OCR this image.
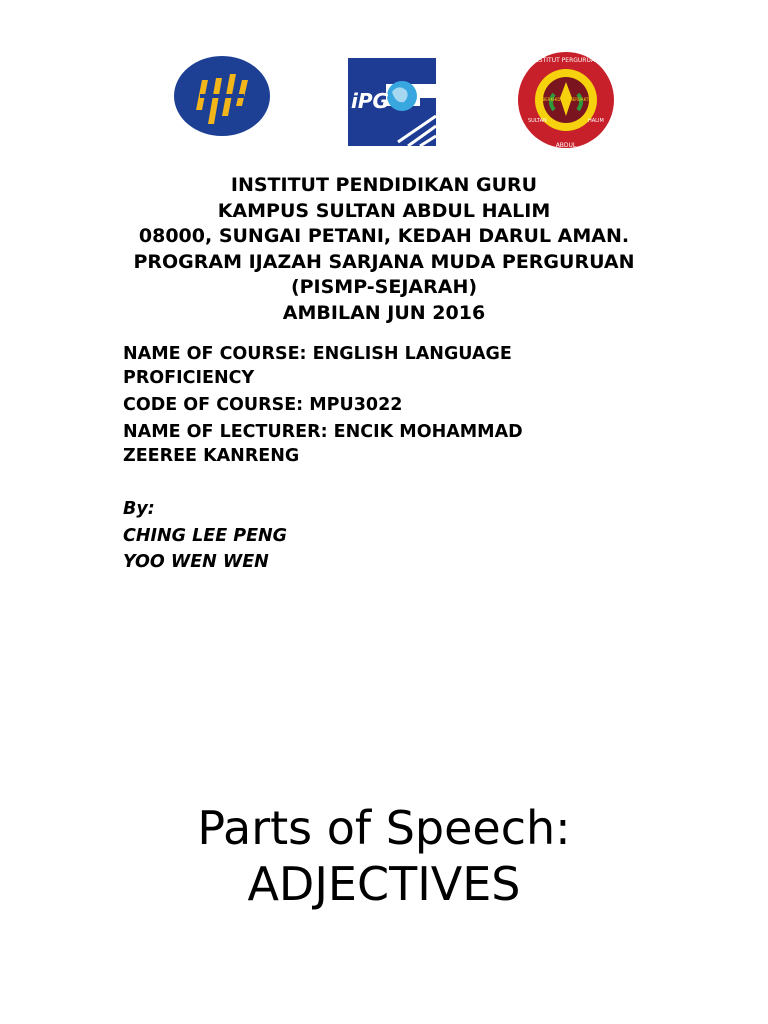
iPG
INSTITUT PERGURUAN
ABDUL
SULTAN	HALIM
BERKHIDMAT BERBAKTI
INSTITUT PENDIDIKAN GURU
KAMPUS SULTAN ABDUL HALIM
08000, SUNGAI PETANI, KEDAH DARUL AMAN.
PROGRAM IJAZAH SARJANA MUDA PERGURUAN
(PISMP-SEJARAH)
AMBILAN JUN 2016
NAME OF COURSE: ENGLISH LANGUAGE
PROFICIENCY
CODE OF COURSE: MPU3022
NAME OF LECTURER: ENCIK MOHAMMAD
ZEEREE KANRENG
By:
CHING LEE PENG
YOO WEN WEN
Parts of Speech:
ADJECTIVES
